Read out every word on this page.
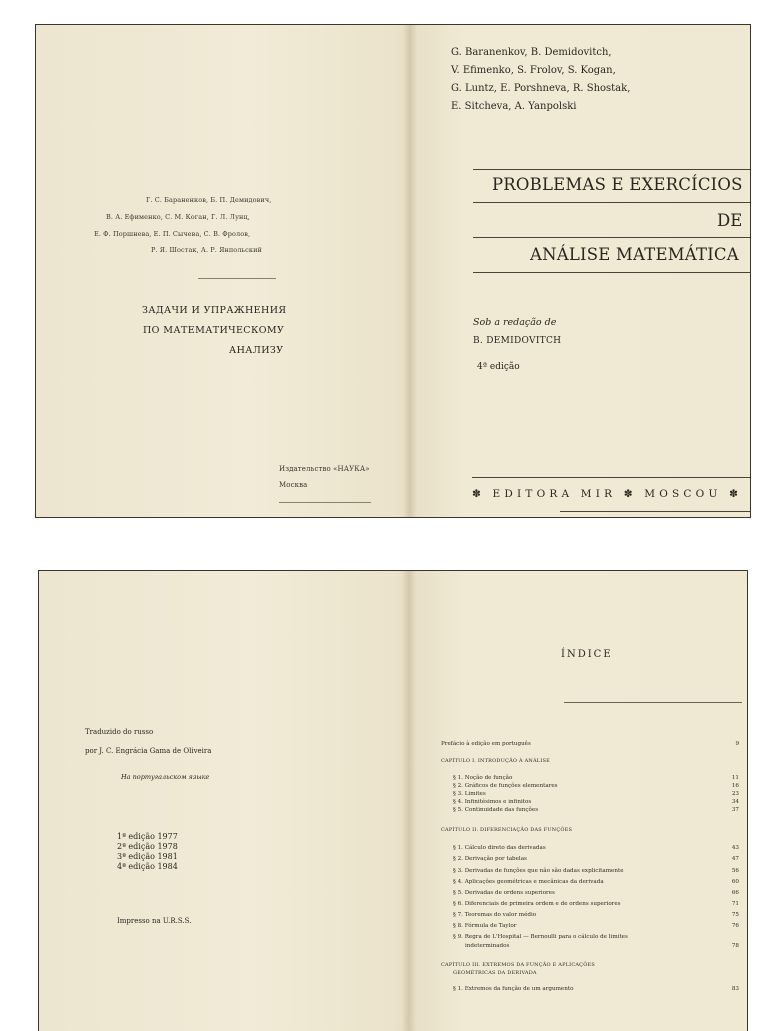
Г. С. Бараненков, Б. П. Демидович,

В. А. Ефименко, С. М. Коган, Г. Л. Лунц,

Е. Ф. Поршнева, Е. П. Сычева, С. В. Фролов,

Р. Я. Шостак, А. Р. Янпольский

ЗАДАЧИ И УПРАЖНЕНИЯ

ПО МАТЕМАТИЧЕСКОМУ

АНАЛИЗУ

Издательство «НАУКА»

Москва

G. Baranenkov, B. Demidovitch,

V. Efimenko, S. Frolov, S. Kogan,

G. Luntz, E. Porshneva, R. Shostak,

E. Sitcheva, A. Yanpolski

PROBLEMAS E EXERCÍCIOS

DE

ANÁLISE MATEMÁTICA

Sob a redação de

B. DEMIDOVITCH

4ª edição

✽ EDITORA MIR ✽ MOSCOU ✽

Traduzido do russo

por J. C. Engrácia Gama de Oliveira

На португальском языке

1ª edição 1977

2ª edição 1978

3ª edição 1981

4ª edição 1984

Impresso na U.R.S.S.

ÍNDICE

Prefácio à edição em português	9
CAPÍTULO I. INTRODUÇÃO À ANÁLISE
§ 1. Noção de função	11
§ 2. Gráficos de funções elementares	16
§ 3. Limites	23
§ 4. Infinitésimos e infinitos	34
§ 5. Continuidade das funções	37
CAPÍTULO II. DIFERENCIAÇÃO DAS FUNÇÕES
§ 1. Cálculo direto das derivadas	43
§ 2. Derivação por tabelas	47
§ 3. Derivadas de funções que não são dadas explicitamente	56
§ 4. Aplicações geométricas e mecânicas da derivada	60
§ 5. Derivadas de ordens superiores	66
§ 6. Diferenciais de primeira ordem e de ordens superiores	71
§ 7. Teoremas do valor médio	75
§ 8. Fórmula de Taylor	76
§ 9. Regra de L'Hospital — Bernoulli para o cálculo de limites
indeterminados	78
CAPÍTULO III. EXTREMOS DA FUNÇÃO E APLICAÇÕES
GEOMÉTRICAS DA DERIVADA
§ 1. Extremos da função de um argumento	83
